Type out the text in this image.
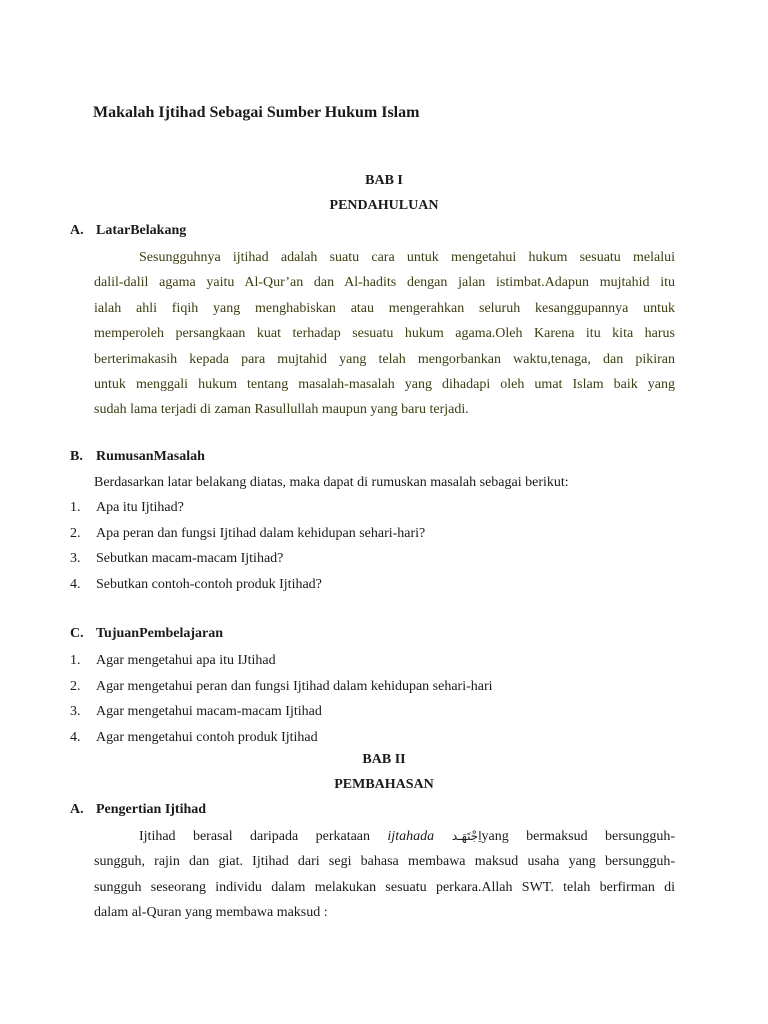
Makalah Ijtihad Sebagai Sumber Hukum Islam
BAB I
PENDAHULUAN
A. LatarBelakang
Sesungguhnya ijtihad adalah suatu cara untuk mengetahui hukum sesuatu melalui
dalil-dalil agama yaitu Al-Qur’an dan Al-hadits dengan jalan istimbat.Adapun mujtahid itu
ialah ahli fiqih yang menghabiskan atau mengerahkan seluruh kesanggupannya untuk
memperoleh persangkaan kuat terhadap sesuatu hukum agama.Oleh Karena itu kita harus
berterimakasih kepada para mujtahid yang telah mengorbankan waktu,tenaga, dan pikiran
untuk menggali hukum tentang masalah-masalah yang dihadapi oleh umat Islam baik yang
sudah lama terjadi di zaman Rasullullah maupun yang baru terjadi.
B. RumusanMasalah
Berdasarkan latar belakang diatas, maka dapat di rumuskan masalah sebagai berikut:
1. Apa itu Ijtihad?
2. Apa peran dan fungsi Ijtihad dalam kehidupan sehari-hari?
3. Sebutkan macam-macam Ijtihad?
4. Sebutkan contoh-contoh produk Ijtihad?
C. TujuanPembelajaran
1. Agar mengetahui apa itu IJtihad
2. Agar mengetahui peran dan fungsi Ijtihad dalam kehidupan sehari-hari
3. Agar mengetahui macam-macam Ijtihad
4. Agar mengetahui contoh produk Ijtihad
BAB II
PEMBAHASAN
A. Pengertian Ijtihad
Ijtihad berasal daripada perkataan ijtahada اِجْتَهَـدyang bermaksud bersungguh-
sungguh, rajin dan giat. Ijtihad dari segi bahasa membawa maksud usaha yang bersungguh-
sungguh seseorang individu dalam melakukan sesuatu perkara.Allah SWT. telah berfirman di
dalam al-Quran yang membawa maksud :
